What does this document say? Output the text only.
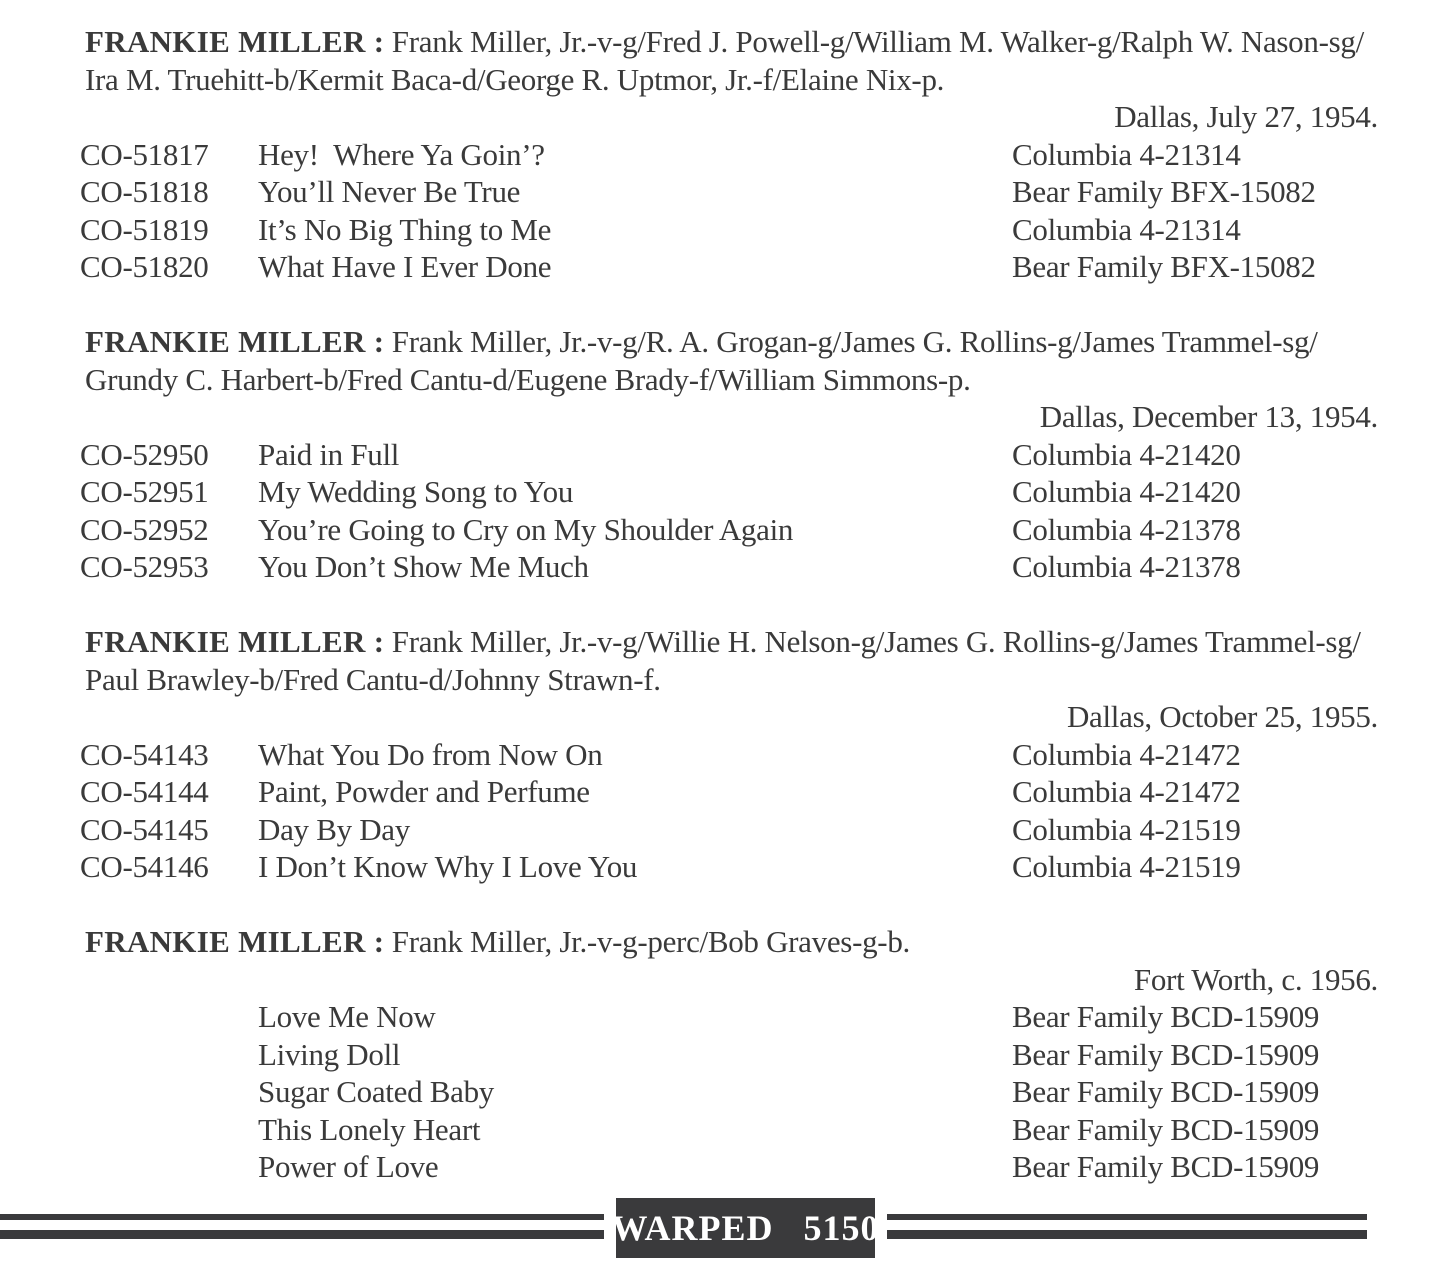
FRANKIE MILLER : Frank Miller, Jr.-v-g/Fred J. Powell-g/William M. Walker-g/Ralph W. Nason-sg/

Ira M. Truehitt-b/Kermit Baca-d/George R. Uptmor, Jr.-f/Elaine Nix-p.

Dallas, July 27, 1954.

CO-51817	Hey!  Where Ya Goin’?	Columbia 4-21314
CO-51818	You’ll Never Be True	Bear Family BFX-15082
CO-51819	It’s No Big Thing to Me	Columbia 4-21314
CO-51820	What Have I Ever Done	Bear Family BFX-15082

FRANKIE MILLER : Frank Miller, Jr.-v-g/R. A. Grogan-g/James G. Rollins-g/James Trammel-sg/

Grundy C. Harbert-b/Fred Cantu-d/Eugene Brady-f/William Simmons-p.

Dallas, December 13, 1954.

CO-52950	Paid in Full	Columbia 4-21420
CO-52951	My Wedding Song to You	Columbia 4-21420
CO-52952	You’re Going to Cry on My Shoulder Again	Columbia 4-21378
CO-52953	You Don’t Show Me Much	Columbia 4-21378

FRANKIE MILLER : Frank Miller, Jr.-v-g/Willie H. Nelson-g/James G. Rollins-g/James Trammel-sg/

Paul Brawley-b/Fred Cantu-d/Johnny Strawn-f.

Dallas, October 25, 1955.

CO-54143	What You Do from Now On	Columbia 4-21472
CO-54144	Paint, Powder and Perfume	Columbia 4-21472
CO-54145	Day By Day	Columbia 4-21519
CO-54146	I Don’t Know Why I Love You	Columbia 4-21519

FRANKIE MILLER : Frank Miller, Jr.-v-g-perc/Bob Graves-g-b.

Fort Worth, c. 1956.

Love Me Now	Bear Family BCD-15909
Living Doll	Bear Family BCD-15909
Sugar Coated Baby	Bear Family BCD-15909
This Lonely Heart	Bear Family BCD-15909
Power of Love	Bear Family BCD-15909
WARPED 5150
